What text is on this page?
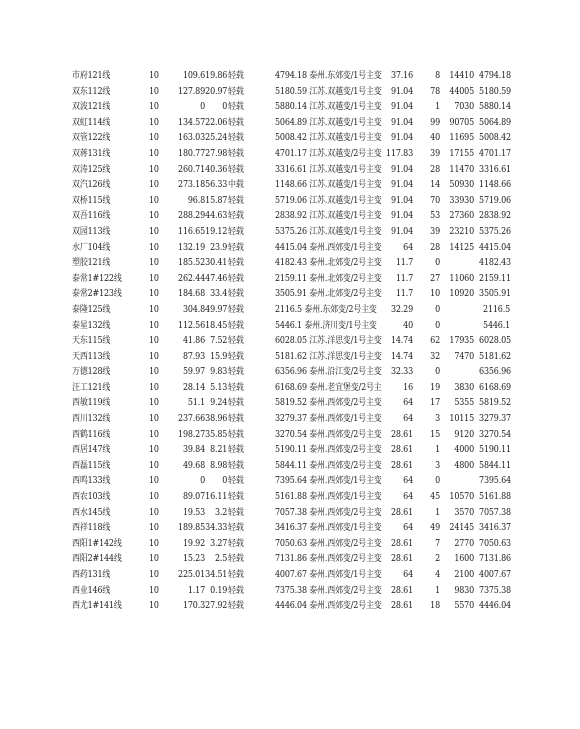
市府121线	10	109.6	19.86轻载		4794.18 泰州.东郊变/1号主变	37.16	8	14410	4794.18
双东112线	10	127.89	20.97轻载		5180.59 江苏.双越变/1号主变	91.04	78	44005	5180.59
双波121线	10	0	0轻载		5880.14 江苏.双越变/1号主变	91.04	1	7030	5880.14
双虹114线	10	134.57	22.06轻载		5064.89 江苏.双越变/1号主变	91.04	99	90705	5064.89
双管122线	10	163.03	25.24轻载		5008.42 江苏.双越变/1号主变	91.04	40	11695	5008.42
双蒋131线	10	180.77	27.98轻载		4701.17 江苏.双越变/2号主变	117.83	39	17155	4701.17
双涛125线	10	260.71	40.36轻载		3316.61 江苏.双越变/1号主变	91.04	28	11470	3316.61
双汽126线	10	273.18	56.33中载		1148.66 江苏.双越变/1号主变	91.04	14	50930	1148.66
双桥115线	10	96.8	15.87轻载		5719.06 江苏.双越变/1号主变	91.04	70	33930	5719.06
双吾116线	10	288.29	44.63轻载		2838.92 江苏.双越变/1号主变	91.04	53	27360	2838.92
双园113线	10	116.65	19.12轻载		5375.26 江苏.双越变/1号主变	91.04	39	23210	5375.26
水厂104线	10	132.19	23.9轻载		4415.04 泰州.西郊变/1号主变	64	28	14125	4415.04
塑胶121线	10	185.52	30.41轻载		4182.43 泰州.北郊变/2号主变	11.7	0		4182.43
泰常1#122线	10	262.44	47.46轻载		2159.11 泰州.北郊变/2号主变	11.7	27	11060	2159.11
泰常2#123线	10	184.68	33.4轻载		3505.91 泰州.北郊变/2号主变	11.7	10	10920	3505.91
泰隆125线	10	304.8	49.97轻载		2116.5 泰州.东郊变/2号主变	32.29	0		2116.5
泰星132线	10	112.56	18.45轻载		5446.1 泰州.济川变/1号主变	40	0		5446.1
天东115线	10	41.86	7.52轻载		6028.05 江苏.洋思变/1号主变	14.74	62	17935	6028.05
天西113线	10	87.93	15.9轻载		5181.62 江苏.洋思变/1号主变	14.74	32	7470	5181.62
万德128线	10	59.97	9.83轻载		6356.96 泰州.沿江变/2号主变	32.33	0		6356.96
汪工121线	10	28.14	5.13轻载		6168.69 泰州.老宜堡变/2号主	16	19	3830	6168.69
西敏119线	10	51.1	9.24轻载		5819.52 泰州.西郊变/2号主变	64	17	5355	5819.52
西川132线	10	237.66	38.96轻载		3279.37 泰州.西郊变/1号主变	64	3	10115	3279.37
西鹤116线	10	198.27	35.85轻载		3270.54 泰州.西郊变/2号主变	28.61	15	9120	3270.54
西居147线	10	39.84	8.21轻载		5190.11 泰州.西郊变/2号主变	28.61	1	4000	5190.11
西磊115线	10	49.68	8.98轻载		5844.11 泰州.西郊变/2号主变	28.61	3	4800	5844.11
西鸣133线	10	0	0轻载		7395.64 泰州.西郊变/1号主变	64	0		7395.64
西农103线	10	89.07	16.11轻载		5161.88 泰州.西郊变/1号主变	64	45	10570	5161.88
西水145线	10	19.53	3.2轻载		7057.38 泰州.西郊变/2号主变	28.61	1	3570	7057.38
西祥118线	10	189.85	34.33轻载		3416.37 泰州.西郊变/1号主变	64	49	24145	3416.37
西阳1#142线	10	19.92	3.27轻载		7050.63 泰州.西郊变/2号主变	28.61	7	2770	7050.63
西阳2#144线	10	15.23	2.5轻载		7131.86 泰州.西郊变/2号主变	28.61	2	1600	7131.86
西药131线	10	225.01	34.51轻载		4007.67 泰州.西郊变/1号主变	64	4	2100	4007.67
西业146线	10	1.17	0.19轻载		7375.38 泰州.西郊变/2号主变	28.61	1	9830	7375.38
西尤1#141线	10	170.3	27.92轻载		4446.04 泰州.西郊变/2号主变	28.61	18	5570	4446.04
